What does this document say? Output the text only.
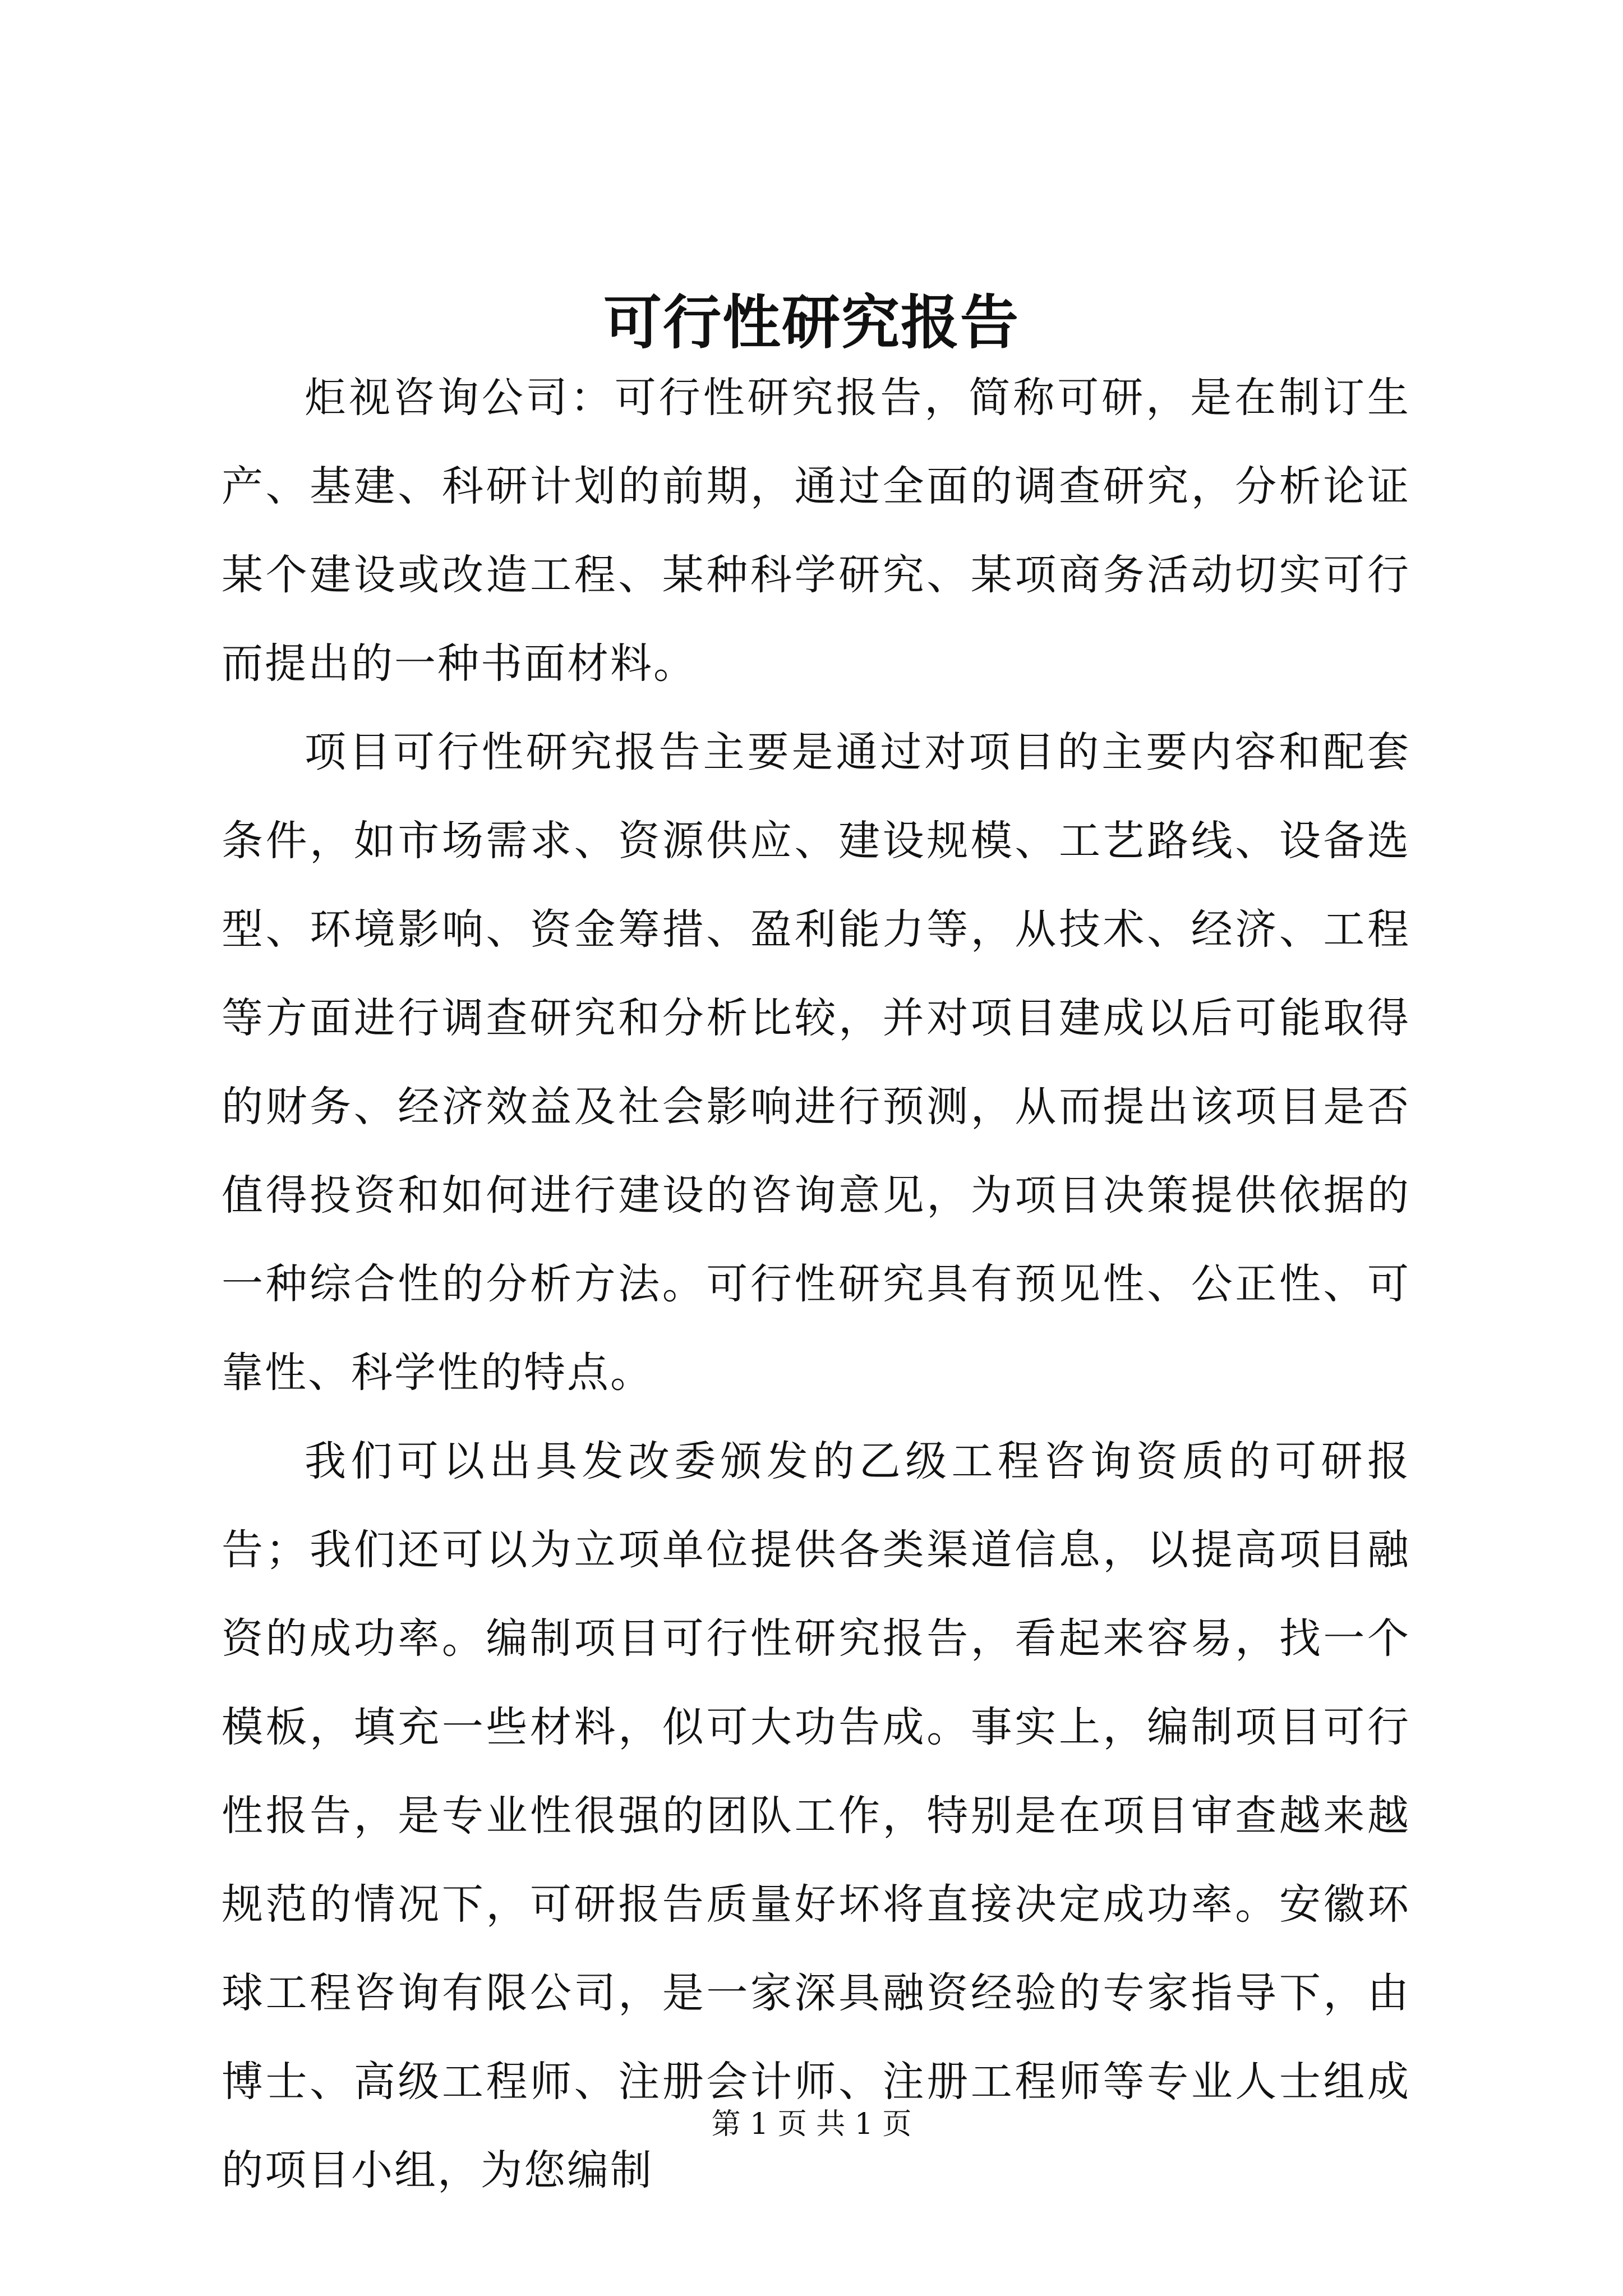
可行性研究报告

炬视咨询公司：可行性研究报告，简称可研，是在制订生产、基建、科研计划的前期，通过全面的调查研究，分析论证某个建设或改造工程、某种科学研究、某项商务活动切实可行而提出的一种书面材料。

项目可行性研究报告主要是通过对项目的主要内容和配套条件，如市场需求、资源供应、建设规模、工艺路线、设备选型、环境影响、资金筹措、盈利能力等，从技术、经济、工程等方面进行调查研究和分析比较，并对项目建成以后可能取得的财务、经济效益及社会影响进行预测，从而提出该项目是否值得投资和如何进行建设的咨询意见，为项目决策提供依据的一种综合性的分析方法。可行性研究具有预见性、公正性、可靠性、科学性的特点。

我们可以出具发改委颁发的乙级工程咨询资质的可研报告；我们还可以为立项单位提供各类渠道信息，以提高项目融资的成功率。编制项目可行性研究报告，看起来容易，找一个模板，填充一些材料，似可大功告成。事实上，编制项目可行性报告，是专业性很强的团队工作，特别是在项目审查越来越规范的情况下，可研报告质量好坏将直接决定成功率。安徽环球工程咨询有限公司，是一家深具融资经验的专家指导下，由博士、高级工程师、注册会计师、注册工程师等专业人士组成的项目小组，为您编制

第 1 页 共 1 页
